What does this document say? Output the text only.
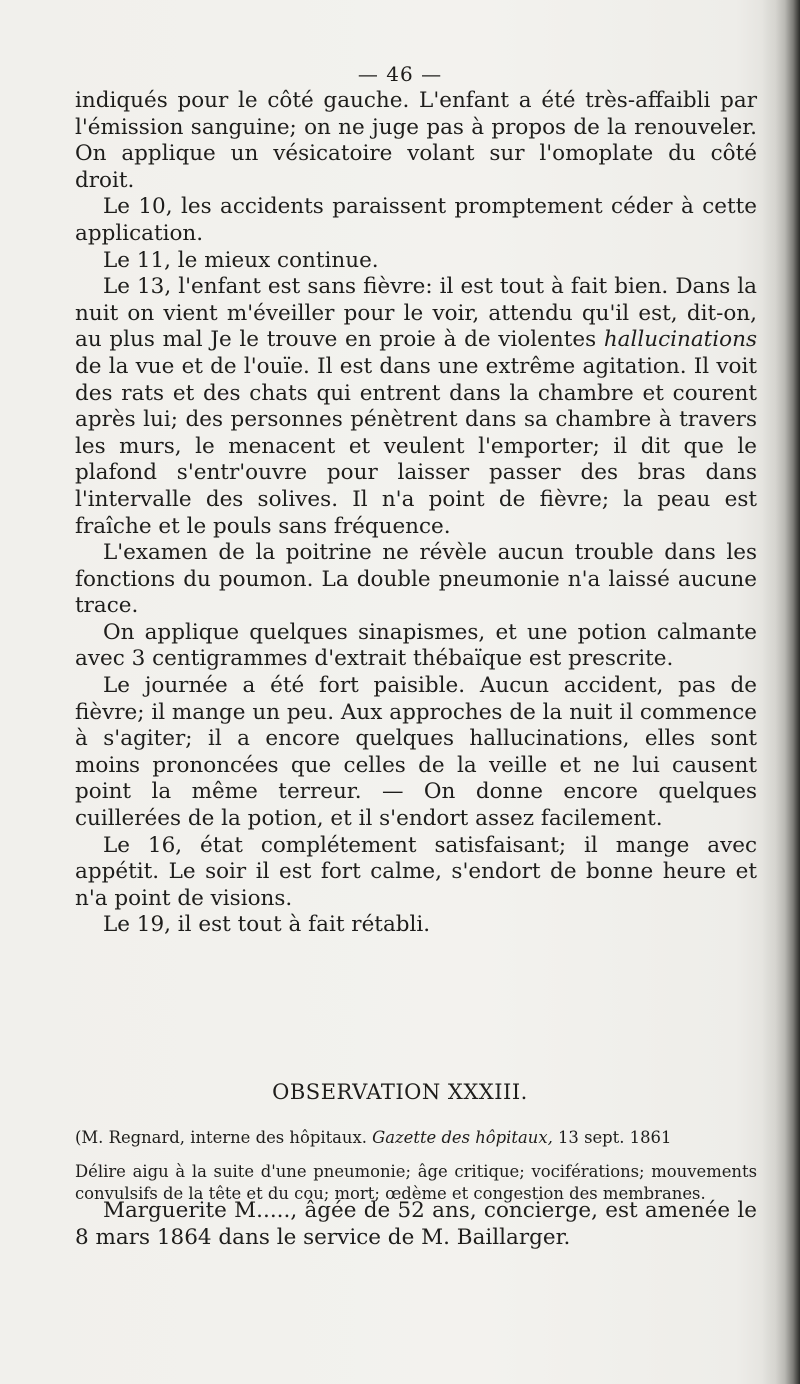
— 46 —

indiqués pour le côté gauche. L'enfant a été très-affaibli par l'émission sanguine; on ne juge pas à propos de la renouveler. On applique un vésicatoire volant sur l'omoplate du côté droit.

Le 10, les accidents paraissent promptement céder à cette application.

Le 11, le mieux continue.

Le 13, l'enfant est sans fièvre: il est tout à fait bien. Dans la nuit on vient m'éveiller pour le voir, attendu qu'il est, dit-on, au plus mal Je le trouve en proie à de violentes hallucinations de la vue et de l'ouïe. Il est dans une extrême agitation. Il voit des rats et des chats qui entrent dans la chambre et courent après lui; des personnes pénètrent dans sa chambre à travers les murs, le menacent et veulent l'emporter; il dit que le plafond s'entr'ouvre pour laisser passer des bras dans l'intervalle des solives. Il n'a point de fièvre; la peau est fraîche et le pouls sans fréquence.

L'examen de la poitrine ne révèle aucun trouble dans les fonctions du poumon. La double pneumonie n'a laissé aucune trace.

On applique quelques sinapismes, et une potion calmante avec 3 centigrammes d'extrait thébaïque est prescrite.

Le journée a été fort paisible. Aucun accident, pas de fièvre; il mange un peu. Aux approches de la nuit il commence à s'agiter; il a encore quelques hallucinations, elles sont moins prononcées que celles de la veille et ne lui causent point la même terreur. — On donne encore quelques cuillerées de la potion, et il s'endort assez facilement.

Le 16, état complétement satisfaisant; il mange avec appétit. Le soir il est fort calme, s'endort de bonne heure et n'a point de visions.

Le 19, il est tout à fait rétabli.

OBSERVATION XXXIII.

(M. Regnard, interne des hôpitaux. Gazette des hôpitaux, 13 sept. 1861

Délire aigu à la suite d'une pneumonie; âge critique; vociférations; mouvements convulsifs de la tête et du cou; mort; œdème et congestion des membranes.

Marguerite M....., âgée de 52 ans, concierge, est amenée le 8 mars 1864 dans le service de M. Baillarger.
